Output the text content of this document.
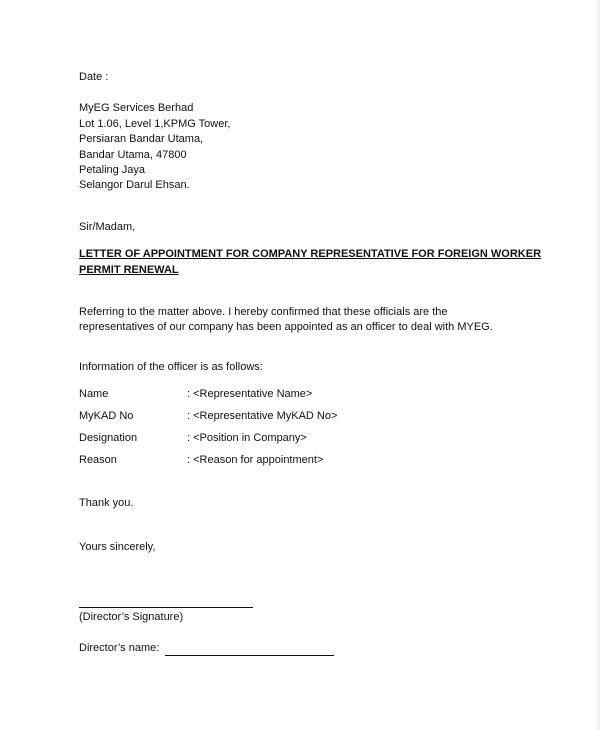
Date :
MyEG Services Berhad
Lot 1.06, Level 1,KPMG Tower,
Persiaran Bandar Utama,
Bandar Utama, 47800
Petaling Jaya
Selangor Darul Ehsan.
Sir/Madam,
LETTER OF APPOINTMENT FOR COMPANY REPRESENTATIVE FOR FOREIGN WORKER
PERMIT RENEWAL
Referring to the matter above. I hereby confirmed that these officials are the
representatives of our company has been appointed as an officer to deal with MYEG.
Information of the officer is as follows:
Name	: <Representative Name>
MyKAD No	: <Representative MyKAD No>
Designation	: <Position in Company>
Reason	: <Reason for appointment>
Thank you.
Yours sincerely,
(Director’s Signature)
Director’s name:
